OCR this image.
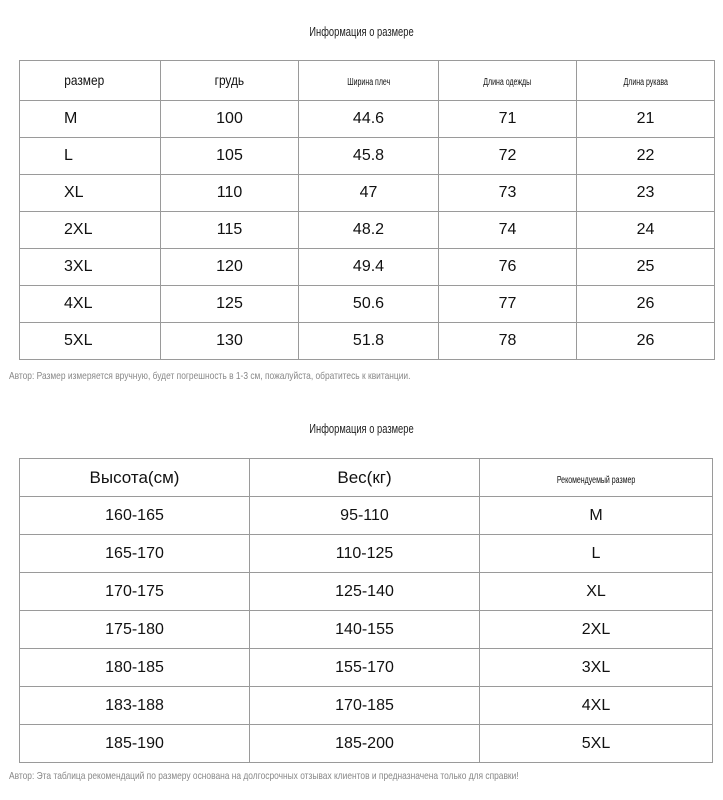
Информация о размере
размер	грудь	Ширина плеч	Длина одежды	Длина рукава
M	100	44.6	71	21
L	105	45.8	72	22
XL	110	47	73	23
2XL	115	48.2	74	24
3XL	120	49.4	76	25
4XL	125	50.6	77	26
5XL	130	51.8	78	26
Автор: Размер измеряется вручную, будет погрешность в 1-3 см, пожалуйста, обратитесь к квитанции.
Информация о размере
Высота(см)	Вес(кг)	Рекомендуемый размер
160-165	95-110	M
165-170	110-125	L
170-175	125-140	XL
175-180	140-155	2XL
180-185	155-170	3XL
183-188	170-185	4XL
185-190	185-200	5XL
Автор: Эта таблица рекомендаций по размеру основана на долгосрочных отзывах клиентов и предназначена только для справки!
